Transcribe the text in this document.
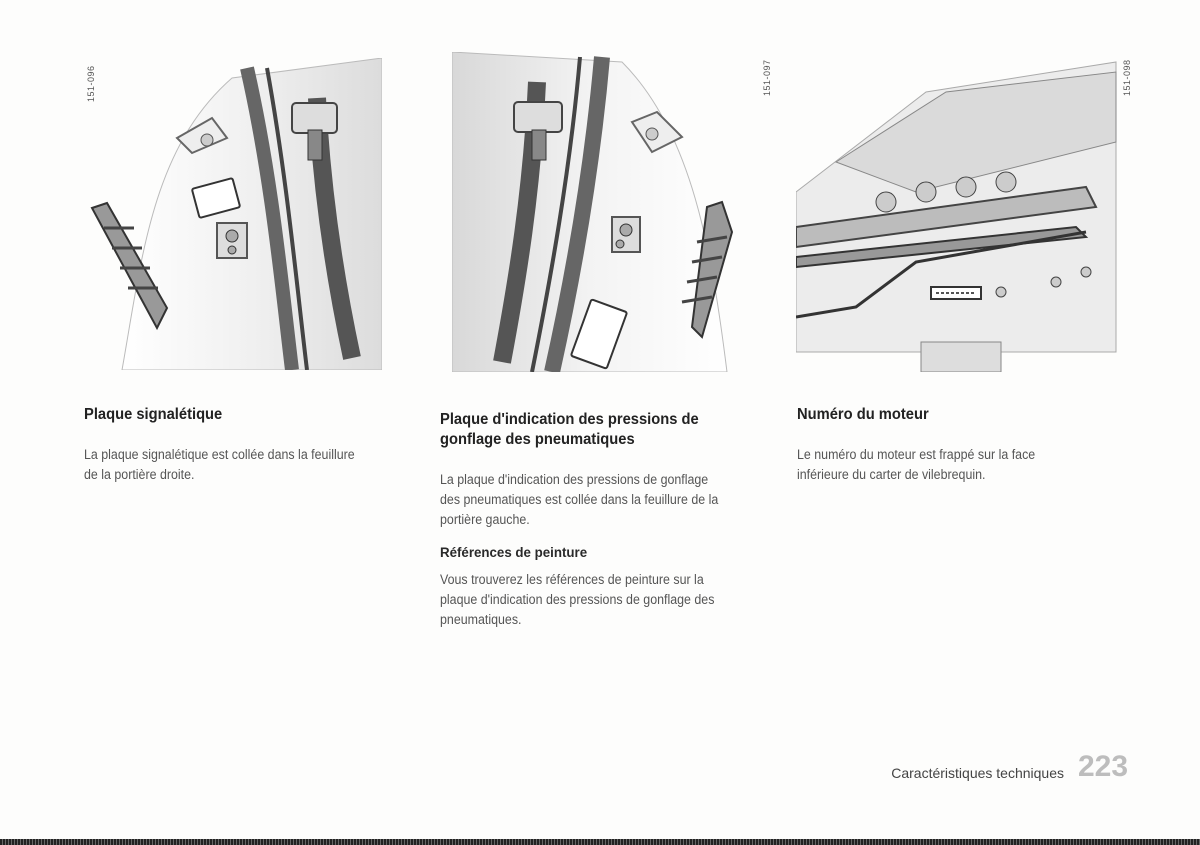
151-096	151-097	151-098
Plaque signalétique

La plaque signalétique est collée dans la feuillure

de la portière droite.

Plaque d'indication des pressions de
gonflage des pneumatiques

La plaque d'indication des pressions de gonflage

des pneumatiques est collée dans la feuillure de la

portière gauche.

Références de peinture

Vous trouverez les références de peinture sur la

plaque d'indication des pressions de gonflage des

pneumatiques.

Numéro du moteur

Le numéro du moteur est frappé sur la face

inférieure du carter de vilebrequin.

Caractéristiques techniques 223
